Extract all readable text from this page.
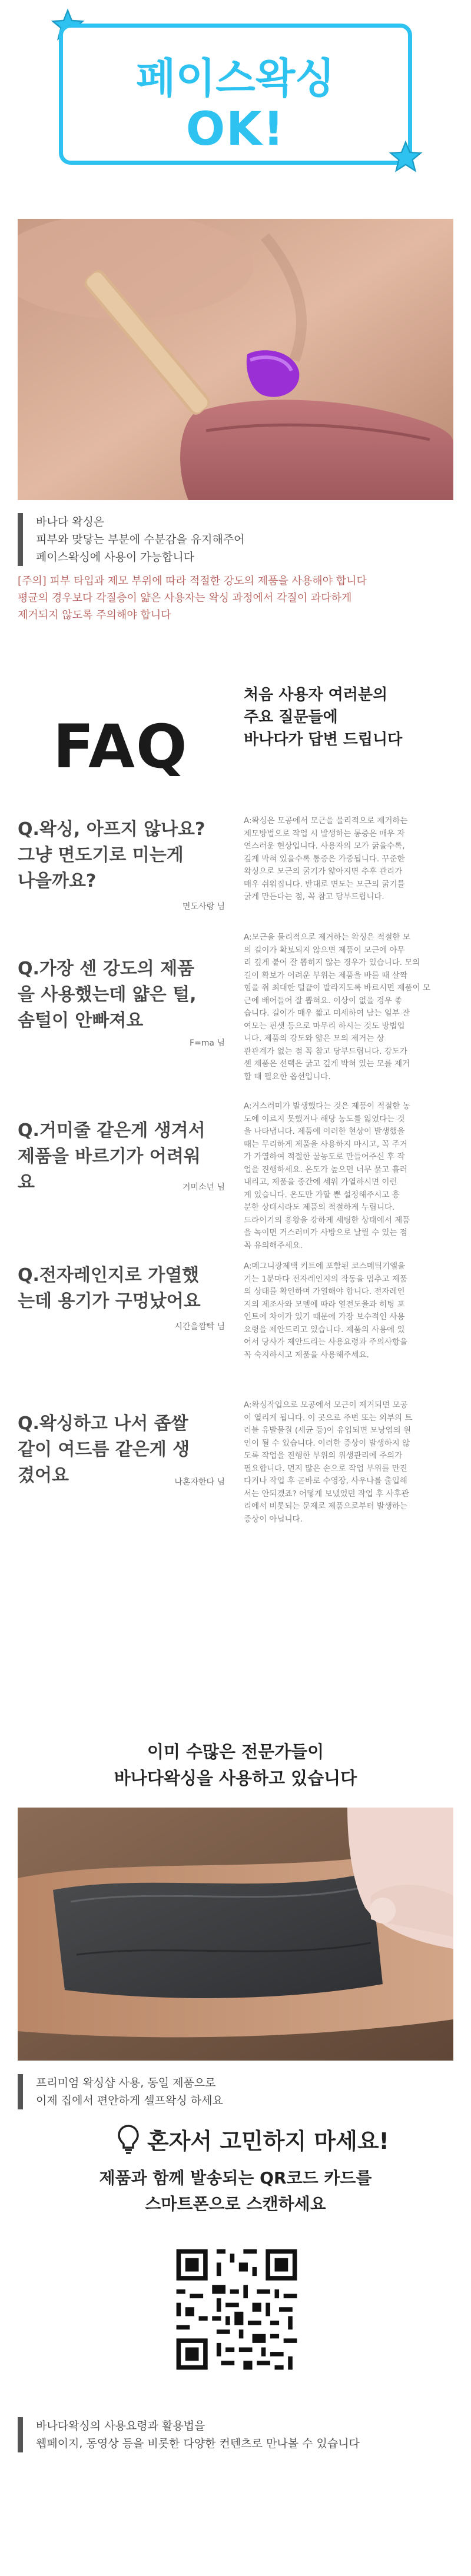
페이스왁싱
OK!
바나다 왁싱은
피부와 맞닿는 부분에 수분감을 유지해주어
페이스왁싱에 사용이 가능합니다
[주의] 피부 타입과 제모 부위에 따라 적절한 강도의 제품을 사용해야 합니다
평균의 경우보다 각질층이 얇은 사용자는 왁싱 과정에서 각질이 과다하게
제거되지 않도록 주의해야 합니다
FAQ
처음 사용자 여러분의
주요 질문들에
바나다가 답변 드립니다
Q.왁싱, 아프지 않나요?
그냥 면도기로 미는게
나을까요?
면도사랑 님
A:왁싱은 모공에서 모근을 물리적으로 제거하는
제모방법으로 작업 시 발생하는 통증은 매우 자
연스러운 현상입니다. 사용자의 모가 굵을수록,
깊게 박혀 있을수록 통증은 가중됩니다. 꾸준한
왁싱으로 모근의 굵기가 얇아지면 추후 관리가
매우 쉬워집니다. 반대로 면도는 모근의 굵기를
굵게 만든다는 점, 꼭 참고 당부드립니다.
Q.가장 센 강도의 제품
을 사용했는데 얇은 털,
솜털이 안빠져요
F=ma 님
A:모근을 물리적으로 제거하는 왁싱은 적절한 모
의 길이가 확보되지 않으면 제품이 모근에 아무
리 깊게 붙어 잘 뽑히지 않는 경우가 있습니다. 모의
길이 확보가 어려운 부위는 제품을 바를 때 살짝
힘을 줘 최대한 털끝이 발라지도록 바르시면 제품이 모
근에 배어들어 잘 뽑혀요. 이상이 없을 경우 좋
습니다. 길이가 매우 짧고 미세하여 남는 일부 잔
여모는 핀셋 등으로 마무리 하시는 것도 방법입
니다. 제품의 강도와 얇은 모의 제거는 상
관관계가 없는 점 꼭 참고 당부드립니다. 강도가
센 제품은 선택은 굵고 깊게 박혀 있는 모를 제거
할 때 필요한 옵션입니다.
Q.거미줄 같은게 생겨서
제품을 바르기가 어려워
요	거미소년 님
A:거스러미가 발생했다는 것은 제품이 적절한 농
도에 이르지 못했거나 해당 농도를 잃었다는 것
을 나타냅니다. 제품에 이러한 현상이 발생했을
때는 무리하게 제품을 사용하지 마시고, 꼭 주거
가 가열하여 적절한 꿀농도로 만들어주신 후 작
업을 진행하세요. 온도가 높으면 너무 묽고 흘러
내리고, 제품을 중간에 세워 가열하시면 이런
게 있습니다. 온도만 가할 뿐 설정해주시고 흥
분한 상태시라도 제품의 적절하게 누립니다.
드라이기의 흥왕을 강하게 세팅한 상태에서 제품
을 녹이면 거스러미가 사방으로 날릴 수 있는 점
꼭 유의해주세요.
Q.전자레인지로 가열했
는데 용기가 구멍났어요
시간을깜빡 님
A:메그니광제택 키트에 포함된 코스메틱기엘을
기는 1분마다 전자레인지의 작동을 멈추고 제품
의 상태를 확인하며 가열해야 합니다. 전자레인
지의 제조사와 모델에 따라 열전도율과 히팅 포
인트에 차이가 있기 때문에 가장 보수적인 사용
요령을 제안드리고 있습니다. 제품의 사용에 있
어서 당사가 제안드리는 사용요령과 주의사항을
꼭 숙지하시고 제품을 사용해주세요.
Q.왁싱하고 나서 좁쌀
같이 여드름 같은게 생
겼어요	나혼자한다 님
A:왁싱작업으로 모공에서 모근이 제거되면 모공
이 열리게 됩니다. 이 곳으로 주변 또는 외부의 트
러블 유발물질 (세균 등)이 유입되면 모낭염의 원
인이 될 수 있습니다. 이러한 증상이 발생하지 않
도록 작업을 진행한 부위의 위생관리에 주의가
필요합니다. 먼지 많은 손으로 작업 부위를 만진
다거나 작업 후 곧바로 수영장, 사우나를 출입해
서는 안되겠죠? 어떻게 보냈었던 작업 후 사후관
리에서 비롯되는 문제로 제품으로부터 발생하는
증상이 아닙니다.
이미 수많은 전문가들이
바나다왁싱을 사용하고 있습니다
프리미엄 왁싱샵 사용, 동일 제품으로
이제 집에서 편안하게 셀프왁싱 하세요
혼자서 고민하지 마세요!
제품과 함께 발송되는 QR코드 카드를
스마트폰으로 스캔하세요
바나다왁싱의 사용요령과 활용법을
웹페이지, 동영상 등을 비롯한 다양한 컨텐츠로 만나볼 수 있습니다
